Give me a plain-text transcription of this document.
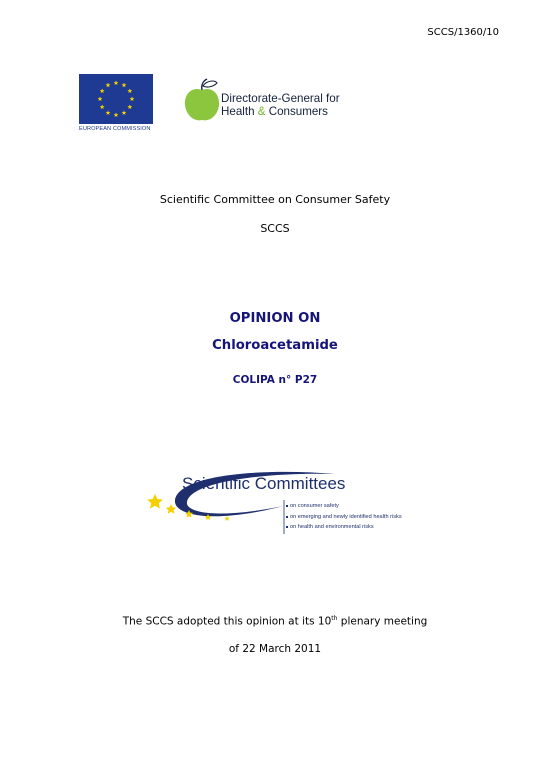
SCCS/1360/10
EUROPEAN COMMISSION
Directorate-General for
Health & Consumers
Scientific Committee on Consumer Safety
SCCS
OPINION ON
Chloroacetamide
COLIPA n° P27
Scientific Committees
on consumer safety
on emerging and newly identified health risks
on health and environmental risks
The SCCS adopted this opinion at its 10th plenary meeting
of 22 March 2011
